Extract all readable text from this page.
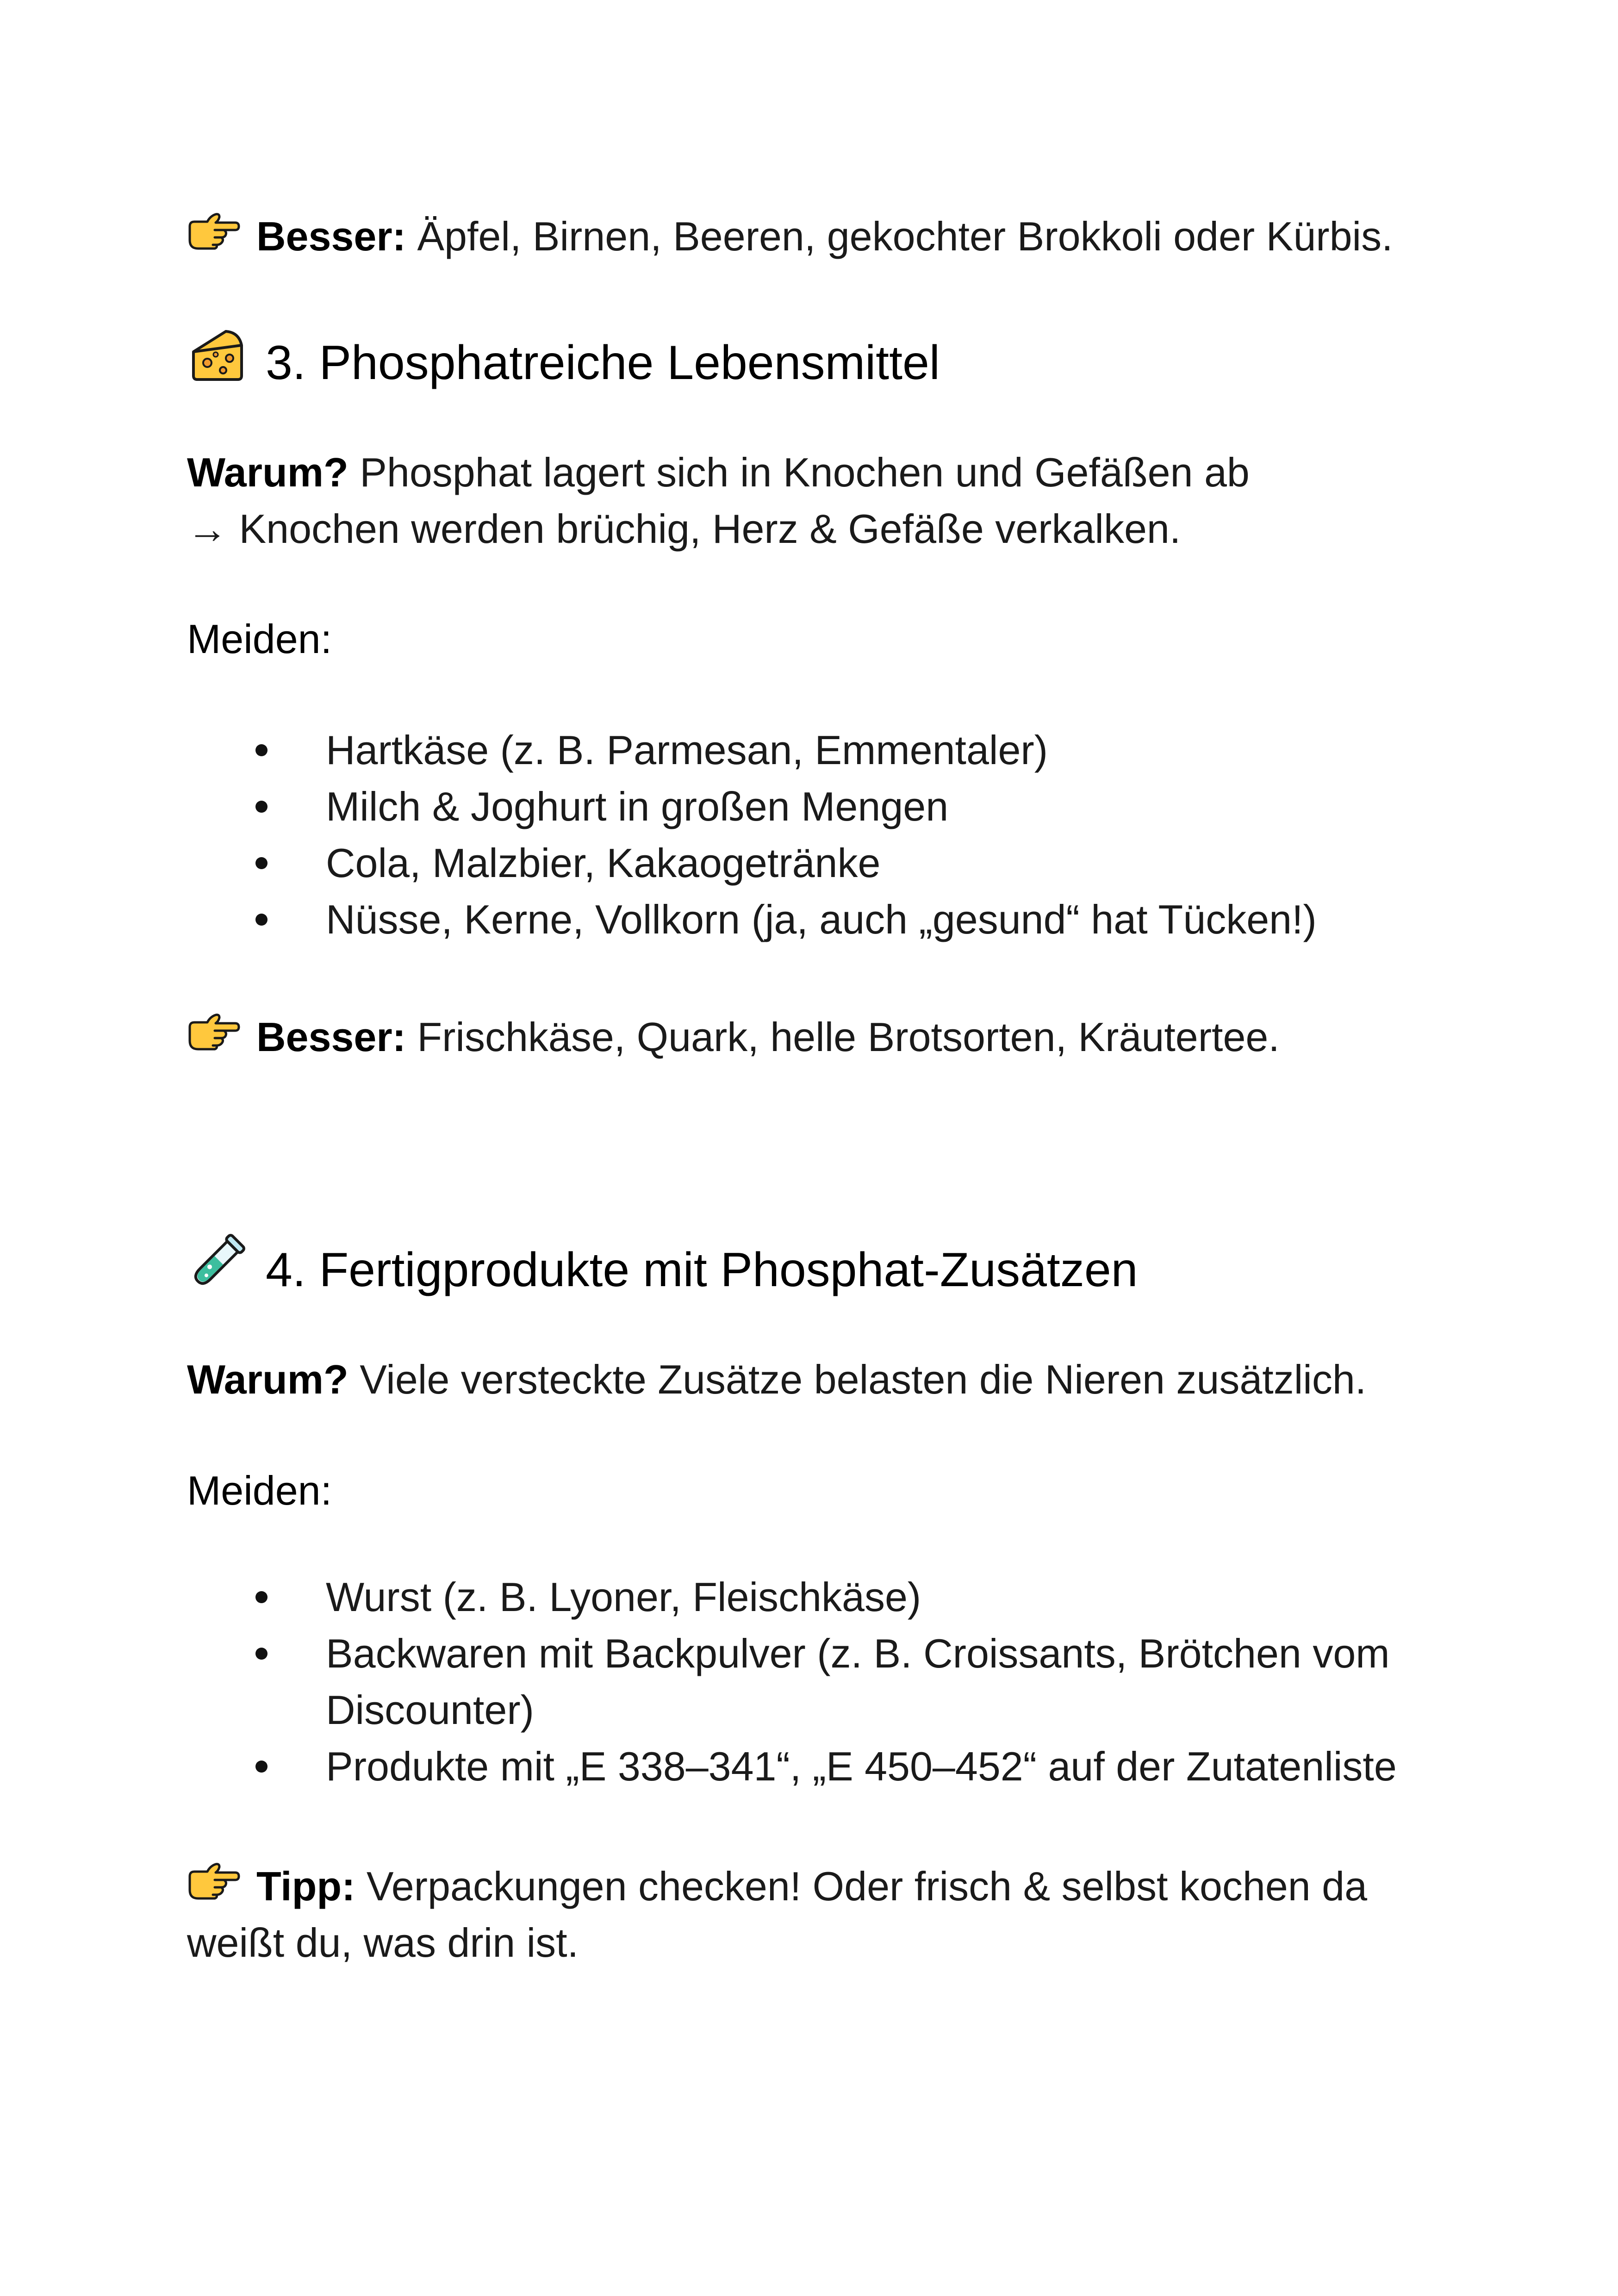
Besser: Äpfel, Birnen, Beeren, gekochter Brokkoli oder Kürbis.
3. Phosphatreiche Lebensmittel
Warum? Phosphat lagert sich in Knochen und Gefäßen ab
→ Knochen werden brüchig, Herz & Gefäße verkalken.
Meiden:
Hartkäse (z. B. Parmesan, Emmentaler)
Milch & Joghurt in großen Mengen
Cola, Malzbier, Kakaogetränke
Nüsse, Kerne, Vollkorn (ja, auch „gesund“ hat Tücken!)
Besser: Frischkäse, Quark, helle Brotsorten, Kräutertee.
4. Fertigprodukte mit Phosphat-Zusätzen
Warum? Viele versteckte Zusätze belasten die Nieren zusätzlich.
Meiden:
Wurst (z. B. Lyoner, Fleischkäse)
Backwaren mit Backpulver (z. B. Croissants, Brötchen vom
Discounter)
Produkte mit „E 338–341“, „E 450–452“ auf der Zutatenliste
Tipp: Verpackungen checken! Oder frisch & selbst kochen da
weißt du, was drin ist.
